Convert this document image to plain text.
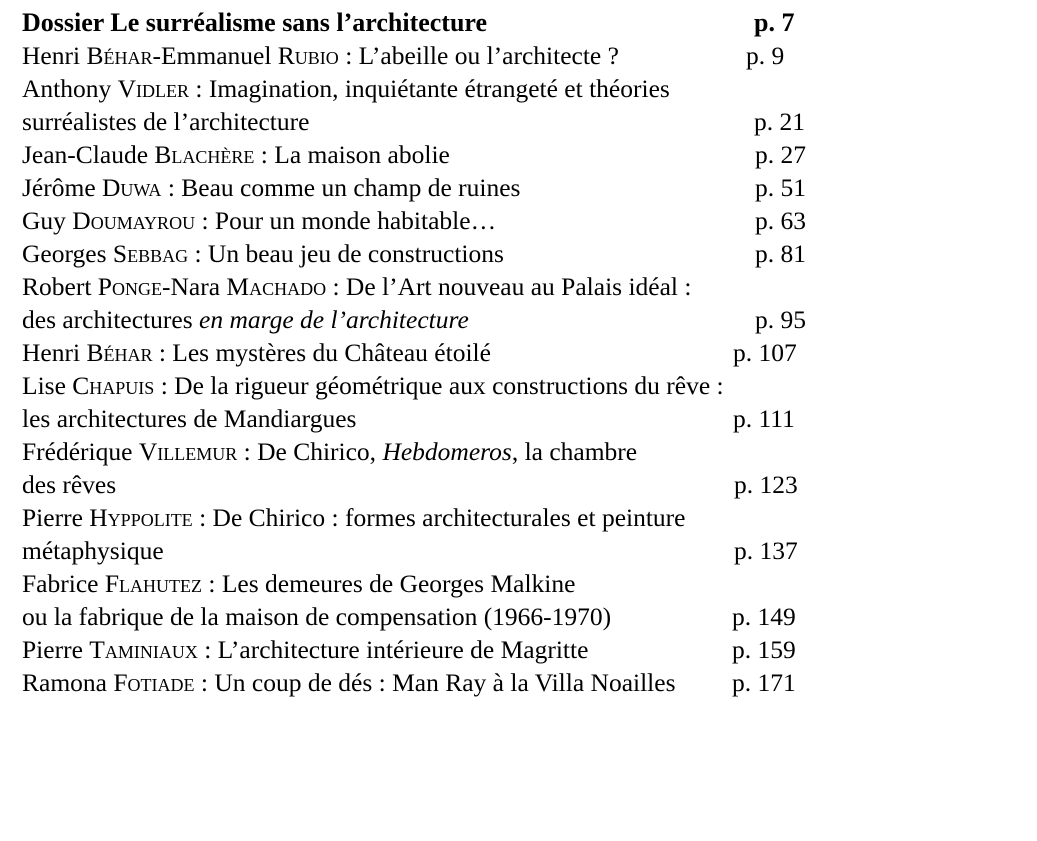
Dossier Le surréalisme sans l’architecture	p. 7
Henri Béhar-Emmanuel Rubio : L’abeille ou l’architecte ?	p. 9
Anthony Vidler : Imagination, inquiétante étrangeté et théories
surréalistes de l’architecture	p. 21
Jean-Claude Blachère : La maison abolie	p. 27
Jérôme Duwa : Beau comme un champ de ruines	p. 51
Guy Doumayrou : Pour un monde habitable…	p. 63
Georges Sebbag : Un beau jeu de constructions	p. 81
Robert Ponge-Nara Machado : De l’Art nouveau au Palais idéal :
des architectures en marge de l’architecture	p. 95
Henri Béhar : Les mystères du Château étoilé	p. 107
Lise Chapuis : De la rigueur géométrique aux constructions du rêve :
les architectures de Mandiargues	p. 111
Frédérique Villemur : De Chirico, Hebdomeros, la chambre
des rêves	p. 123
Pierre Hyppolite : De Chirico : formes architecturales et peinture
métaphysique	p. 137
Fabrice Flahutez : Les demeures de Georges Malkine
ou la fabrique de la maison de compensation (1966-1970)	p. 149
Pierre Taminiaux : L’architecture intérieure de Magritte	p. 159
Ramona Fotiade : Un coup de dés : Man Ray à la Villa Noailles p. 171
